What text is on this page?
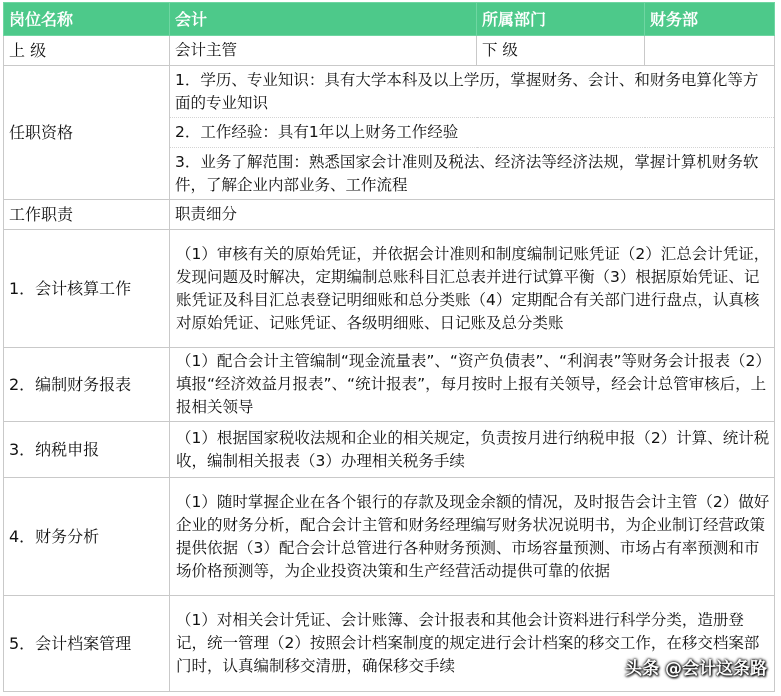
岗位名称	会计	所属部门	财务部
上 级	会计主管	下 级	
任职资格	1．学历、专业知识：具有大学本科及以上学历，掌握财务、会计、和财务电算化等方面的专业知识		
	2．工作经验：具有1年以上财务工作经验		
	3．业务了解范围：熟悉国家会计准则及税法、经济法等经济法规，掌握计算机财务软件，了解企业内部业务、工作流程		
工作职责	职责细分		
1．会计核算工作	（1）审核有关的原始凭证，并依据会计准则和制度编制记账凭证（2）汇总会计凭证，发现问题及时解决，定期编制总账科目汇总表并进行试算平衡（3）根据原始凭证、记账凭证及科目汇总表登记明细账和总分类账（4）定期配合有关部门进行盘点，认真核对原始凭证、记账凭证、各级明细账、日记账及总分类账		
2．编制财务报表	（1）配合会计主管编制“现金流量表”、“资产负债表”、“利润表”等财务会计报表（2）填报“经济效益月报表”、“统计报表”，每月按时上报有关领导，经会计总管审核后，上报相关领导		
3．纳税申报	（1）根据国家税收法规和企业的相关规定，负责按月进行纳税申报（2）计算、统计税收，编制相关报表（3）办理相关税务手续		
4．财务分析	（1）随时掌握企业在各个银行的存款及现金余额的情况，及时报告会计主管（2）做好企业的财务分析，配合会计主管和财务经理编写财务状况说明书，为企业制订经营政策提供依据（3）配合会计总管进行各种财务预测、市场容量预测、市场占有率预测和市场价格预测等，为企业投资决策和生产经营活动提供可靠的依据		
5．会计档案管理	（1）对相关会计凭证、会计账簿、会计报表和其他会计资料进行科学分类，造册登记，统一管理（2）按照会计档案制度的规定进行会计档案的移交工作，在移交档案部门时，认真编制移交清册，确保移交手续			头条 @会计这条路
